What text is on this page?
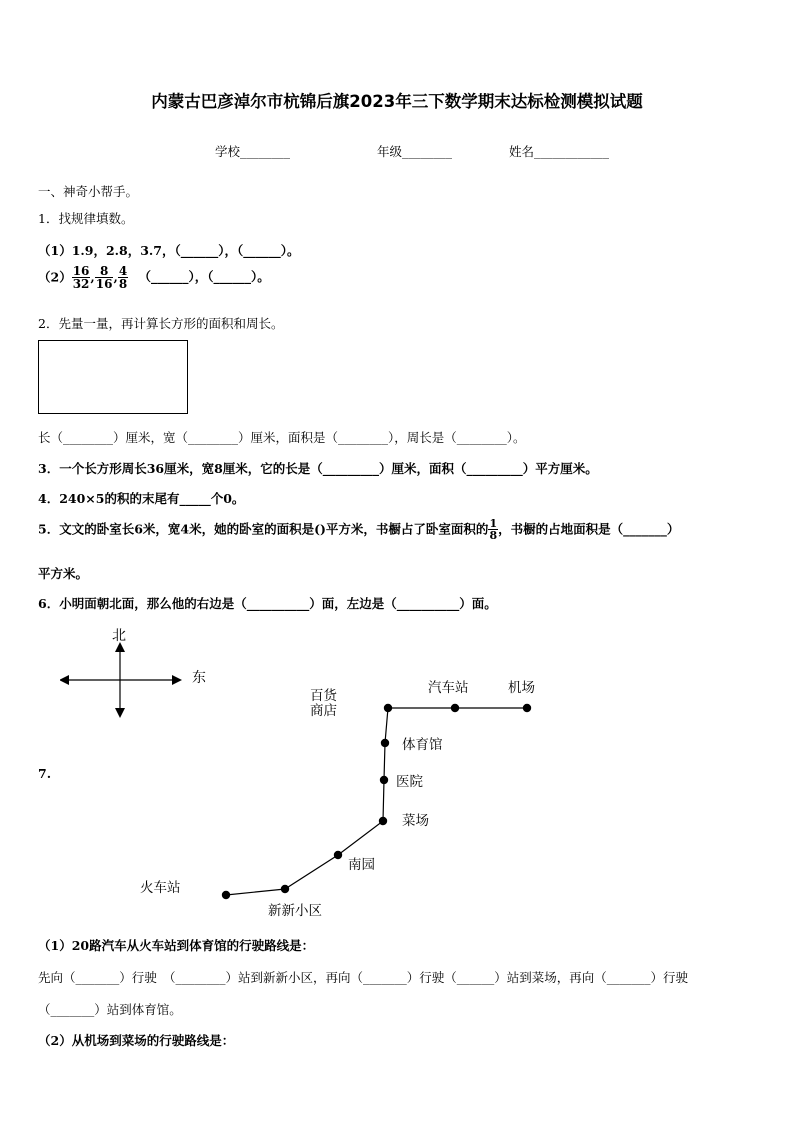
内蒙古巴彦淖尔市杭锦后旗2023年三下数学期末达标检测模拟试题
学校________	年级________	姓名____________
一、神奇小帮手。
1．找规律填数。
（1）1.9，2.8，3.7，（______），（______）。
$(2) \frac{16}{32}$ , $\frac{8}{16}$ , $\frac{4}{8}$ （______），（______）。
2．先量一量，再计算长方形的面积和周长。
长（________）厘米，宽（________）厘米，面积是（________），周长是（________）。
3．一个长方形周长36厘米，宽8厘米，它的长是（_________）厘米，面积（_________）平方厘米。
4．240×5的积的末尾有_____个0。
5．文文的卧室长6米，宽4米，她的卧室的面积是()平方米，书橱占了卧室面积的 $\frac{1}{8}$ ，书橱的占地面积是（_______）
平方米。
6．小明面朝北面，那么他的右边是（__________）面，左边是（__________）面。
7.
北
东
百货
商店
汽车站	机场
体育馆
医院
菜场
南园
火车站
新新小区
（1）20路汽车从火车站到体育馆的行驶路线是：
先向（_______）行驶　（________）站到新新小区，再向（_______）行驶（______）站到菜场，再向（_______）行驶
（_______）站到体育馆。
（2）从机场到菜场的行驶路线是：
